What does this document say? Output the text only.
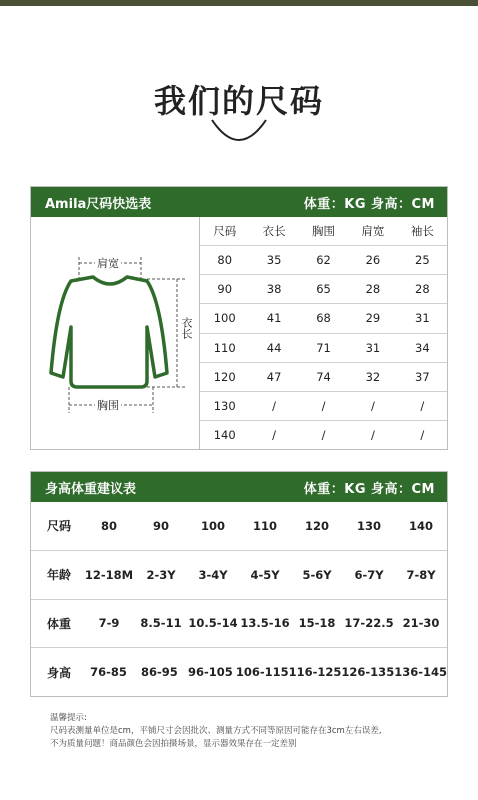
我们的尺码
Amila尺码快选表	体重：KG 身高：CM
肩宽
衣长
胸围
尺码	衣长	胸围	肩宽	袖长
80	35	62	26	25
90	38	65	28	28
100	41	68	29	31
110	44	71	31	34
120	47	74	32	37
130	/	/	/	/
140	/	/	/	/
身高体重建议表	体重：KG 身高：CM
尺码	80	90	100	110	120	130	140
年龄	12-18M	2-3Y	3-4Y	4-5Y	5-6Y	6-7Y	7-8Y
体重	7-9	8.5-11 10.5-14 13.5-16 15-18 17-22.5 21-30
身高	76-85	86-95 96-105 106-115 116-125 126-135 136-145
温馨提示:
尺码表测量单位是cm，平铺尺寸会因批次、测量方式不同等原因可能存在3cm左右误差,
不为质量问题！商品颜色会因拍摄场景，显示器效果存在一定差别
